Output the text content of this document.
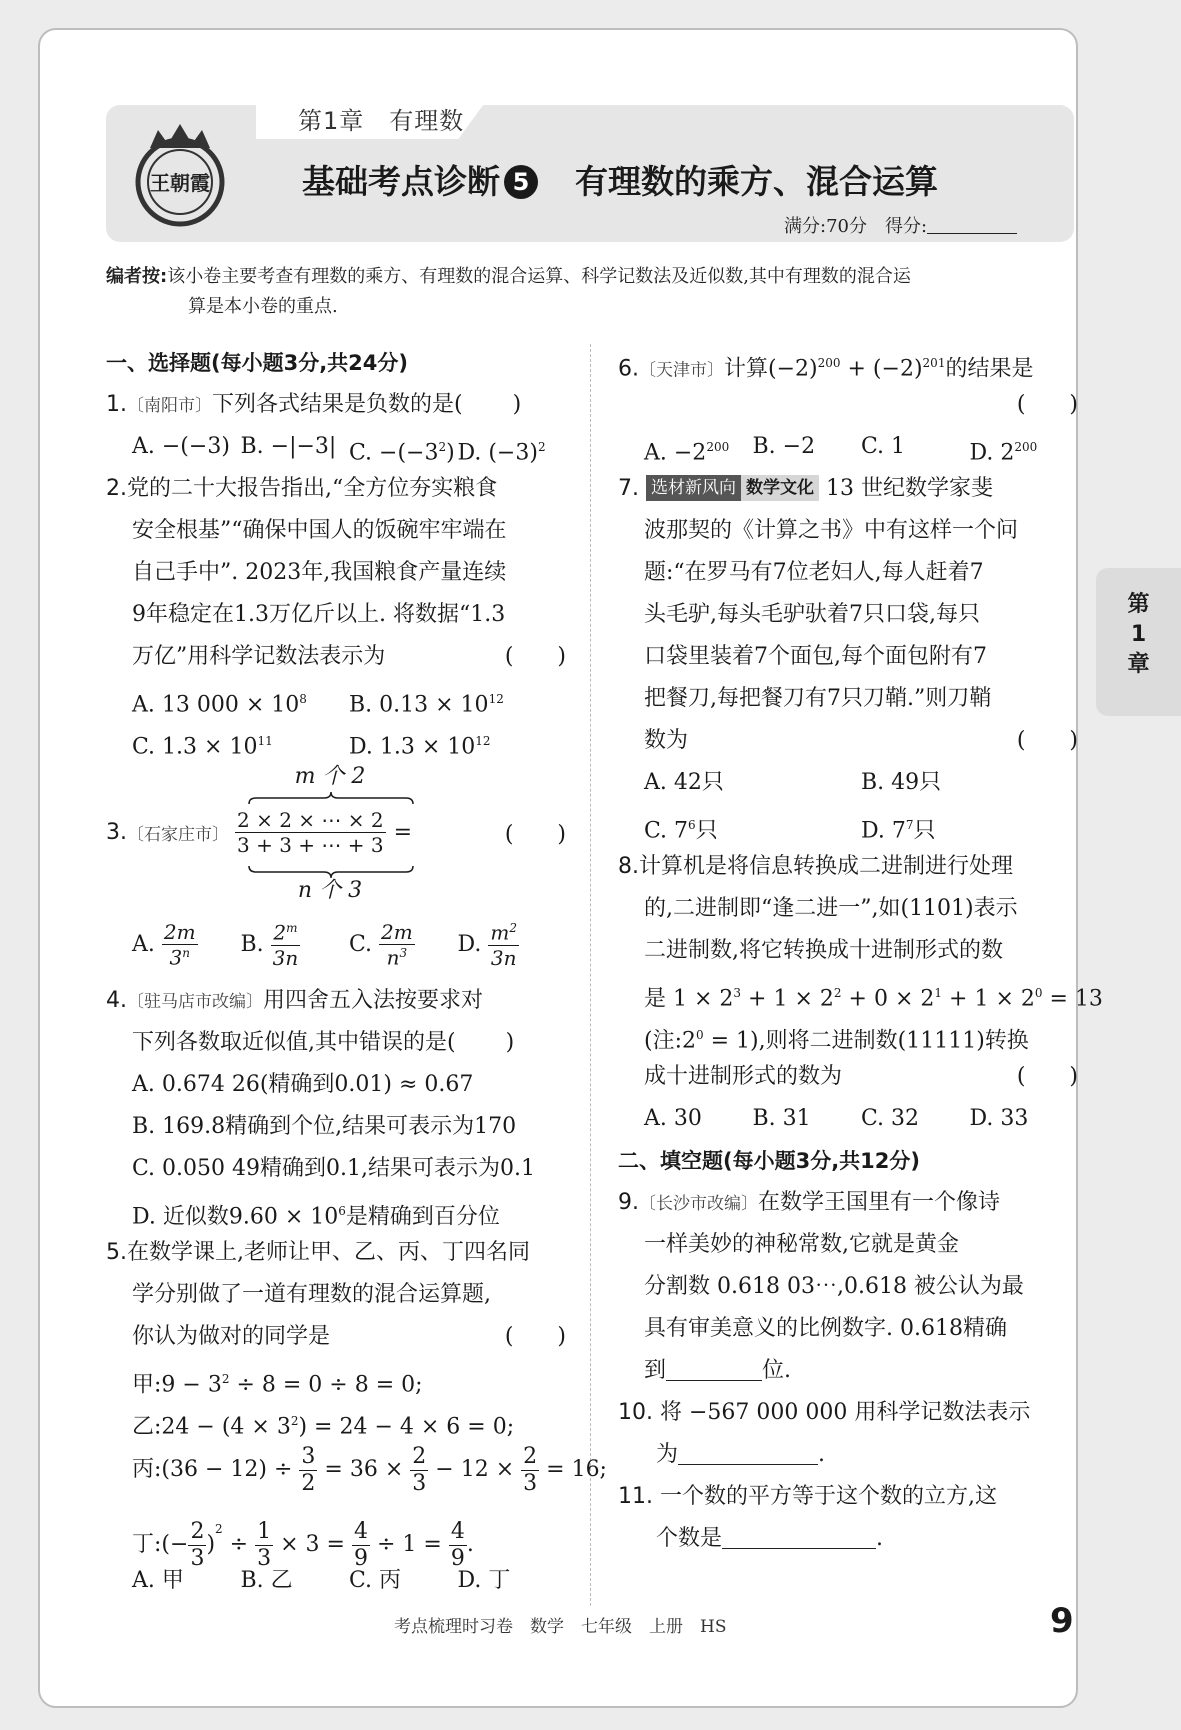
王朝霞
第1章　有理数
基础考点诊断 5　 有理数的乘方、混合运算
满分:70分　得分:
编者按:该小卷主要考查有理数的乘方、有理数的混合运算、科学记数法及近似数,其中有理数的混合运
算是本小卷的重点.
一、选择题(每小题3分,共24分)
1.〔南阳市〕下列各式结果是负数的是( )
A. −(−3) B. −|−3| C. $-(-3^2)$ D. $(-3)^2$
2.党的二十大报告指出,“全方位夯实粮食
安全根基”“确保中国人的饭碗牢牢端在
自己手中”. 2023年,我国粮食产量连续
9年稳定在1.3万亿斤以上. 将数据“1.3
万亿”用科学记数法表示为	(　　)
A. 13 $000 \times 10^8$	B. $0.13 \times 10^{12}$
C. $1.3 \times 10^{11}$	D. $1.3 \times 10^{12}$
m 个 2
3. 〔石家庄市〕 $\frac{2 \times 2 \times \cdots \times 2}{3 + 3 + \cdots + 3}$ =	(　　)
n 个 3
A. $\frac{2m}{3^n} B$. $\frac{2^m}{3n} C$. $\frac{2m}{n^3} D$. $\frac{m^2}{3n}$
4.〔驻马店市改编〕用四舍五入法按要求对
下列各数取近似值,其中错误的是( )
A. 0.674 26(精确到0.01) ≈ 0.67
B. 169.8精确到个位,结果可表示为170
C. 0.050 49精确到0.1,结果可表示为0.1
D. 近似数$9.60 \times 10^6$是精确到百分位
5.在数学课上,老师让甲、乙、丙、丁四名同
学分别做了一道有理数的混合运算题,
你认为做对的同学是	(　　)
甲:9 − $3^2 \div 8 = 0 \div 8 = 0$;
乙:24 − $(4 \times 3^2) = 24 - 4 \times 6 = 0$;
丙:(36 − $12) \div \frac{3}{2} = 36 \times \frac{2}{3} - 12 \times \frac{2}{3} = 16$;
丁:(− $\frac{2}{3} )^2 \div \frac{1}{3} \times 3 = \frac{4}{9} \div 1 = \frac{4}{9}$ .
A. 甲	B. 乙	C. 丙	D. 丁
6.〔天津市〕计算$(-2)^{200} + (-2)^{201}$的结果是
(　　)
A. $-2^{200}$	B. −2	C. 1	D. $2^{200}$
7. 选材新风向 数学文化 13 世纪数学家斐
波那契的《计算之书》中有这样一个问
题:“在罗马有7位老妇人,每人赶着7
头毛驴,每头毛驴驮着7只口袋,每只
口袋里装着7个面包,每个面包附有7
把餐刀,每把餐刀有7只刀鞘.”则刀鞘
数为	(　　)
A. 42只	B. 49只
C. $7^6$只	D. $7^7$只
8.计算机是将信息转换成二进制进行处理
的,二进制即“逢二进一”,如(1101)表示
二进制数,将它转换成十进制形式的数
是 $1 \times 2^3 + 1 \times 2^2 + 0 \times 2^1 + 1 \times 2^0 = 13$
(注$:2^0 = 1$),则将二进制数(11111)转换
成十进制形式的数为	(　　)
A. 30	B. 31	C. 32	D. 33
二、填空题(每小题3分,共12分)
9.〔长沙市改编〕在数学王国里有一个像诗
一样美妙的神秘常数,它就是黄金
分割数 0.618 03⋯,0.618 被公认为最
具有审美意义的比例数字. 0.618精确
到	位.
10. 将 −567 000 000 用科学记数法表示
为	.
11. 一个数的平方等于这个数的立方,这
个数是	.
第
1
章
考点梳理时习卷　数学　七年级　上册　HS	9
